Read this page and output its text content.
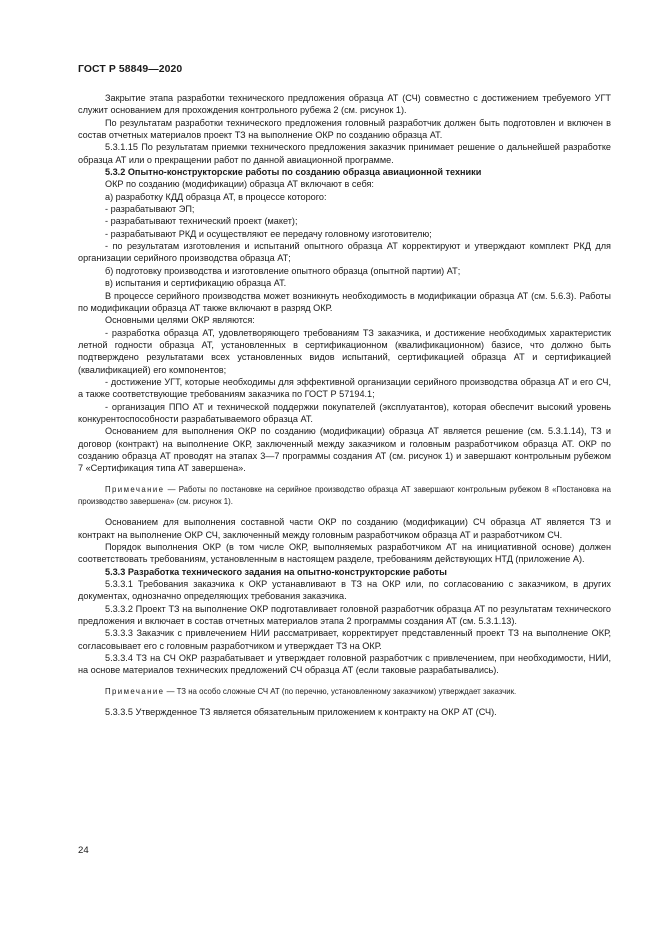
ГОСТ Р 58849—2020

Закрытие этапа разработки технического предложения образца АТ (СЧ) совместно с достижением требуемого УГТ служит основанием для прохождения контрольного рубежа 2 (см. рисунок 1).

По результатам разработки технического предложения головный разработчик должен быть подготовлен и включен в состав отчетных материалов проект ТЗ на выполнение ОКР по созданию образца АТ.

5.3.1.15 По результатам приемки технического предложения заказчик принимает решение о дальнейшей разработке образца АТ или о прекращении работ по данной авиационной программе.

5.3.2 Опытно-конструкторские работы по созданию образца авиационной техники

ОКР по созданию (модификации) образца АТ включают в себя:

а) разработку КДД образца АТ, в процессе которого:

- разрабатывают ЭП;

- разрабатывают технический проект (макет);

- разрабатывают РКД и осуществляют ее передачу головному изготовителю;

- по результатам изготовления и испытаний опытного образца АТ корректируют и утверждают комплект РКД для организации серийного производства образца АТ;

б) подготовку производства и изготовление опытного образца (опытной партии) АТ;

в) испытания и сертификацию образца АТ.

В процессе серийного производства может возникнуть необходимость в модификации образца АТ (см. 5.6.3). Работы по модификации образца АТ также включают в разряд ОКР.

Основными целями ОКР являются:

- разработка образца АТ, удовлетворяющего требованиям ТЗ заказчика, и достижение необходимых характеристик летной годности образца АТ, установленных в сертификационном (квалификационном) базисе, что должно быть подтверждено результатами всех установленных видов испытаний, сертификацией образца АТ и сертификацией (квалификацией) его компонентов;

- достижение УГТ, которые необходимы для эффективной организации серийного производства образца АТ и его СЧ, а также соответствующие требованиям заказчика по ГОСТ Р 57194.1;

- организация ППО АТ и технической поддержки покупателей (эксплуатантов), которая обеспечит высокий уровень конкурентоспособности разрабатываемого образца АТ.

Основанием для выполнения ОКР по созданию (модификации) образца АТ является решение (см. 5.3.1.14), ТЗ и договор (контракт) на выполнение ОКР, заключенный между заказчиком и головным разработчиком образца АТ. ОКР по созданию образца АТ проводят на этапах 3—7 программы создания АТ (см. рисунок 1) и завершают контрольным рубежом 7 «Сертификация типа АТ завершена».

Примечание — Работы по постановке на серийное производство образца АТ завершают контрольным рубежом 8 «Постановка на производство завершена» (см. рисунок 1).

Основанием для выполнения составной части ОКР по созданию (модификации) СЧ образца АТ является ТЗ и контракт на выполнение ОКР СЧ, заключенный между головным разработчиком образца АТ и разработчиком СЧ.

Порядок выполнения ОКР (в том числе ОКР, выполняемых разработчиком АТ на инициативной основе) должен соответствовать требованиям, установленным в настоящем разделе, требованиям действующих НТД (приложение А).

5.3.3 Разработка технического задания на опытно-конструкторские работы

5.3.3.1 Требования заказчика к ОКР устанавливают в ТЗ на ОКР или, по согласованию с заказчиком, в других документах, однозначно определяющих требования заказчика.

5.3.3.2 Проект ТЗ на выполнение ОКР подготавливает головной разработчик образца АТ по результатам технического предложения и включает в состав отчетных материалов этапа 2 программы создания АТ (см. 5.3.1.13).

5.3.3.3 Заказчик с привлечением НИИ рассматривает, корректирует представленный проект ТЗ на выполнение ОКР, согласовывает его с головным разработчиком и утверждает ТЗ на ОКР.

5.3.3.4 ТЗ на СЧ ОКР разрабатывает и утверждает головной разработчик с привлечением, при необходимости, НИИ, на основе материалов технических предложений СЧ образца АТ (если таковые разрабатывались).

Примечание — ТЗ на особо сложные СЧ АТ (по перечню, установленному заказчиком) утверждает заказчик.

5.3.3.5 Утвержденное ТЗ является обязательным приложением к контракту на ОКР АТ (СЧ).

24
